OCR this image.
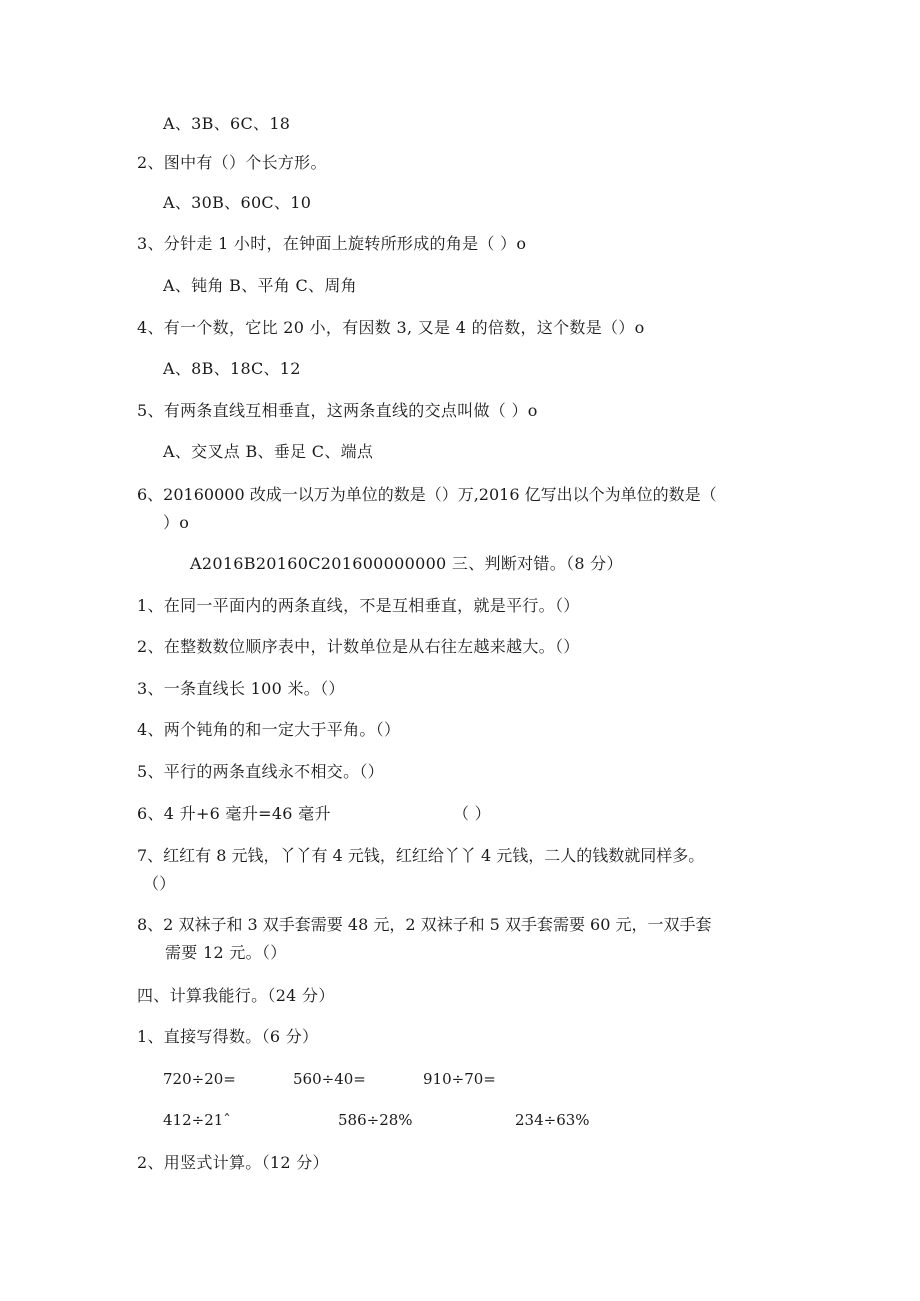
A、3B、6C、18
2、图中有（）个长方形。
A、30B、60C、10
3、分针走 1 小时，在钟面上旋转所形成的角是（ ）o
A、钝角 B、平角 C、周角
4、有一个数，它比 20 小，有因数 3, 又是 4 的倍数，这个数是（）o
A、8B、18C、12
5、有两条直线互相垂直，这两条直线的交点叫做（ ）o
A、交叉点 B、垂足 C、端点
6、20160000 改成一以万为单位的数是（）万,2016 亿写出以个为单位的数是（
）o
A2016B20160C201600000000 三、判断对错。（8 分）
1、在同一平面内的两条直线，不是互相垂直，就是平行。（）
2、在整数数位顺序表中，计数单位是从右往左越来越大。（）
3、一条直线长 100 米。（）
4、两个钝角的和一定大于平角。（）
5、平行的两条直线永不相交。（）
6、4 升+6 毫升=46 毫升	（ ）
7、红红有 8 元钱，丫丫有 4 元钱，红红给丫丫 4 元钱，二人的钱数就同样多。
（）
8、2 双袜子和 3 双手套需要 48 元，2 双袜子和 5 双手套需要 60 元，一双手套
需要 12 元。（）
四、计算我能行。（24 分）
1、直接写得数。（6 分）
720÷20=	560÷40=	910÷70=
412÷21ˆ	586÷28%	234÷63%
2、用竖式计算。（12 分）
